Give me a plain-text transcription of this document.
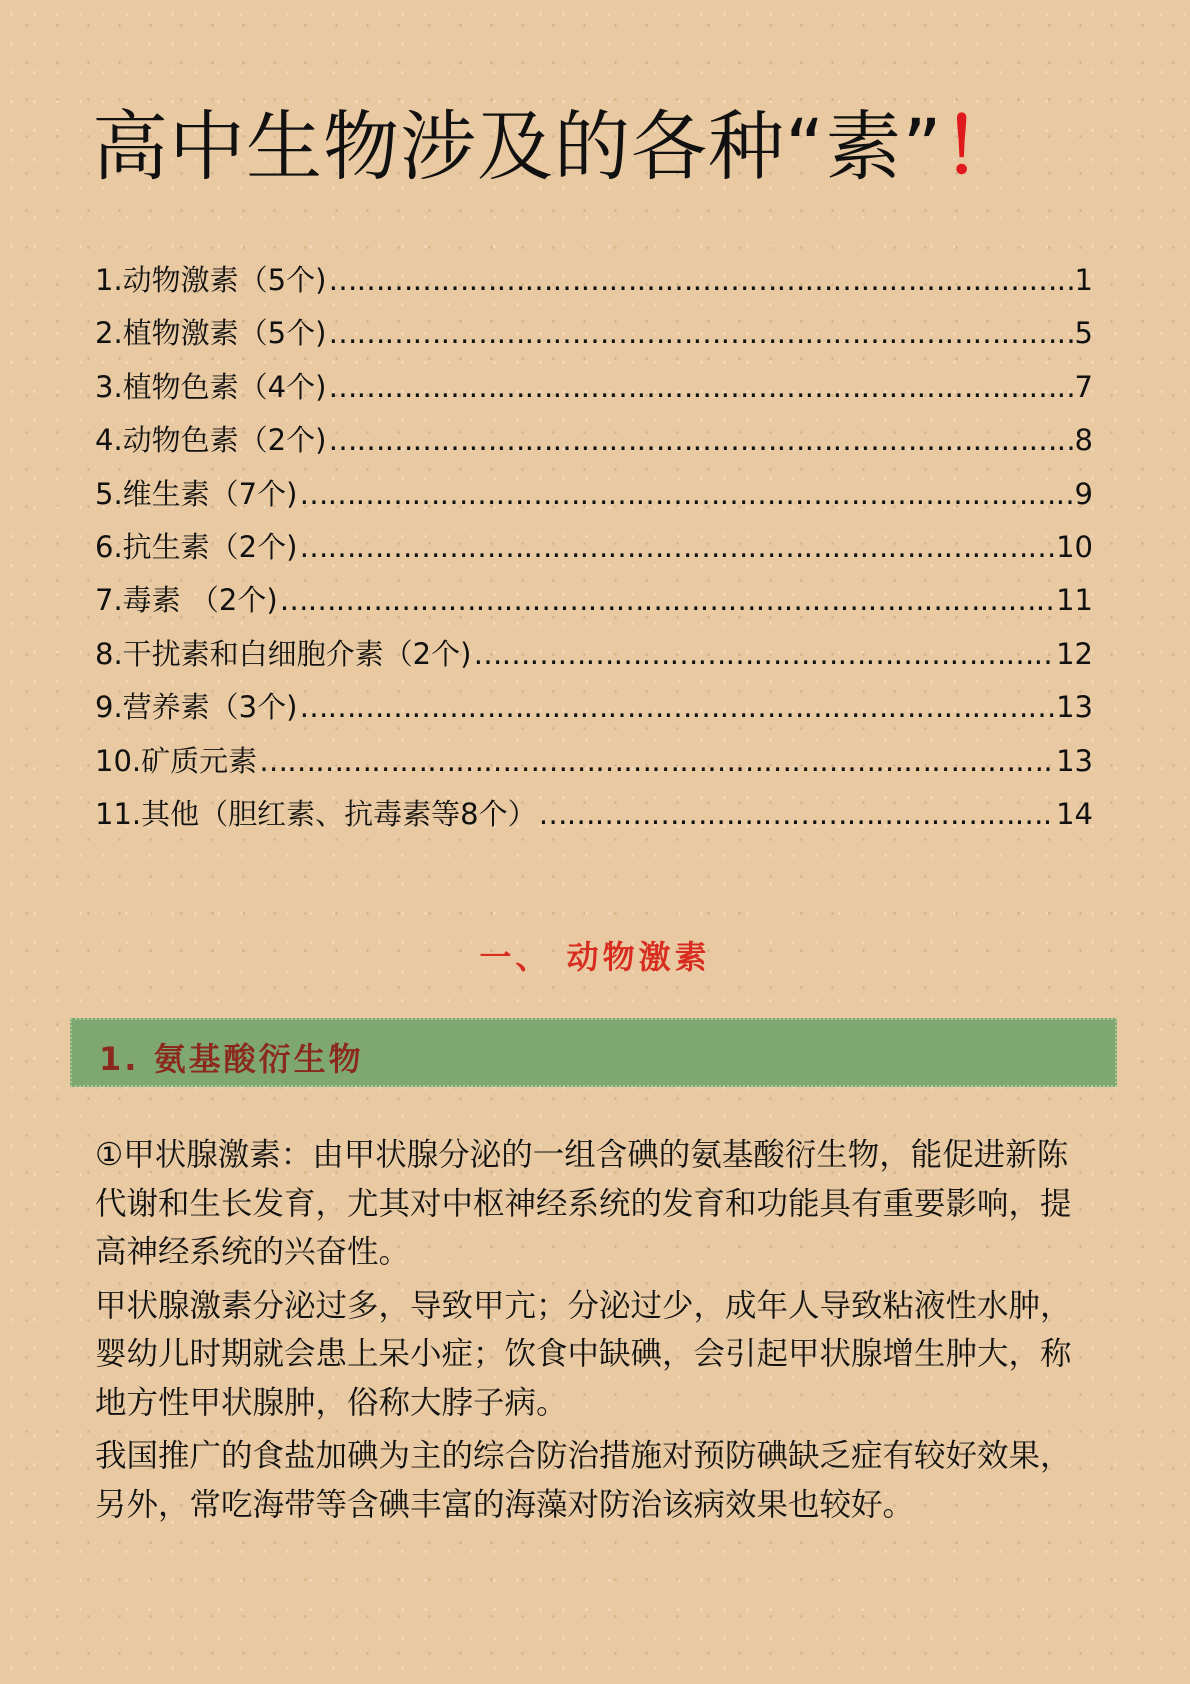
高中生物涉及的各种“素”！
1.动物激素（5个) ……………………………………………………………………………………………………………………………………	1
2.植物激素（5个) ……………………………………………………………………………………………………………………………………	5
3.植物色素（4个) ……………………………………………………………………………………………………………………………………	7
4.动物色素（2个) ……………………………………………………………………………………………………………………………………	8
5.维生素（7个) ……………………………………………………………………………………………………………………………………	9
6.抗生素（2个) ……………………………………………………………………………………………………………………………………	10
7.毒素 （2个) ……………………………………………………………………………………………………………………………………	11
8.干扰素和白细胞介素（2个) ……………………………………………………………………………………………………………………………………	12
9.营养素（3个) ……………………………………………………………………………………………………………………………………	13
10.矿质元素 ……………………………………………………………………………………………………………………………………	13
11.其他（胆红素、抗毒素等8个） ……………………………………………………………………………………………………………………………………	14
一、 动物激素
1. 氨基酸衍生物

①甲状腺激素：由甲状腺分泌的一组含碘的氨基酸衍生物，能促进新陈代谢和生长发育，尤其对中枢神经系统的发育和功能具有重要影响，提高神经系统的兴奋性。

甲状腺激素分泌过多，导致甲亢；分泌过少，成年人导致粘液性水肿，婴幼儿时期就会患上呆小症；饮食中缺碘，会引起甲状腺增生肿大，称地方性甲状腺肿，俗称大脖子病。

我国推广的食盐加碘为主的综合防治措施对预防碘缺乏症有较好效果，另外，常吃海带等含碘丰富的海藻对防治该病效果也较好。
